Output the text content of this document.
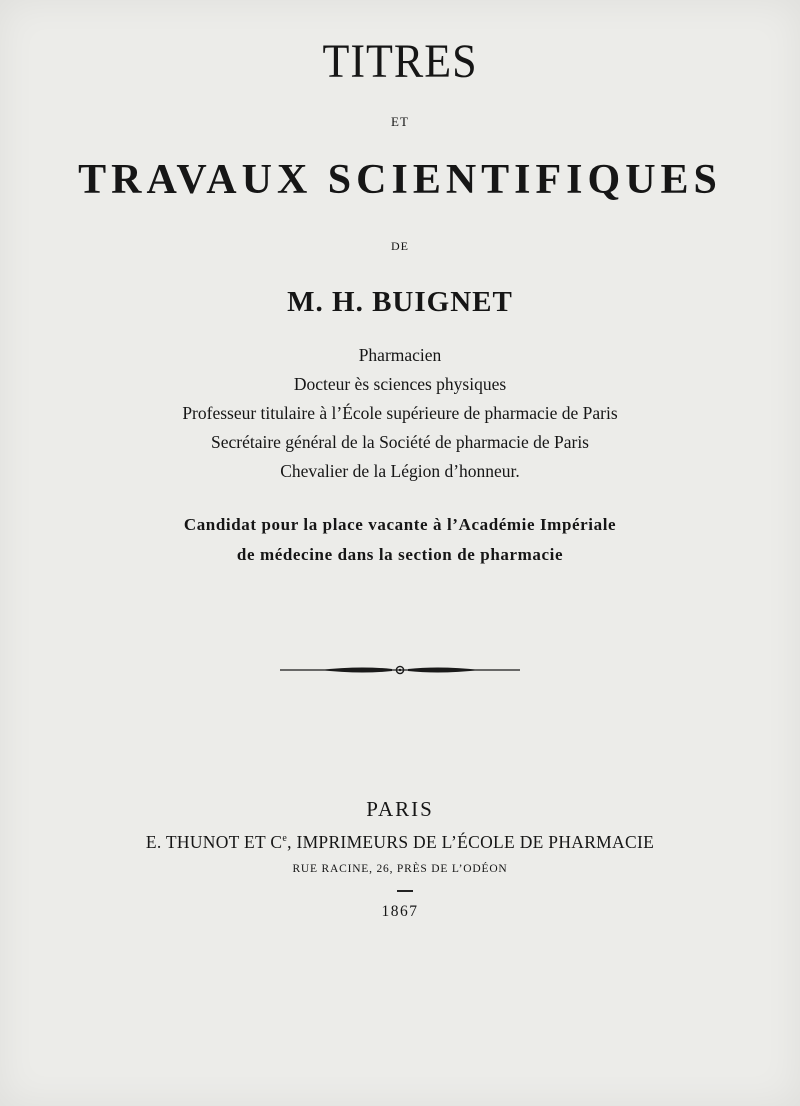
TITRES
ET
TRAVAUX SCIENTIFIQUES
DE
M. H. BUIGNET

Pharmacien

Docteur ès sciences physiques

Professeur titulaire à l’École supérieure de pharmacie de Paris

Secrétaire général de la Société de pharmacie de Paris

Chevalier de la Légion d’honneur.

Candidat pour la place vacante à l’Académie Impériale
de médecine dans la section de pharmacie
PARIS
E. THUNOT ET Ce, IMPRIMEURS DE L’ÉCOLE DE PHARMACIE
RUE RACINE, 26, PRÈS DE L’ODÉON
1867
